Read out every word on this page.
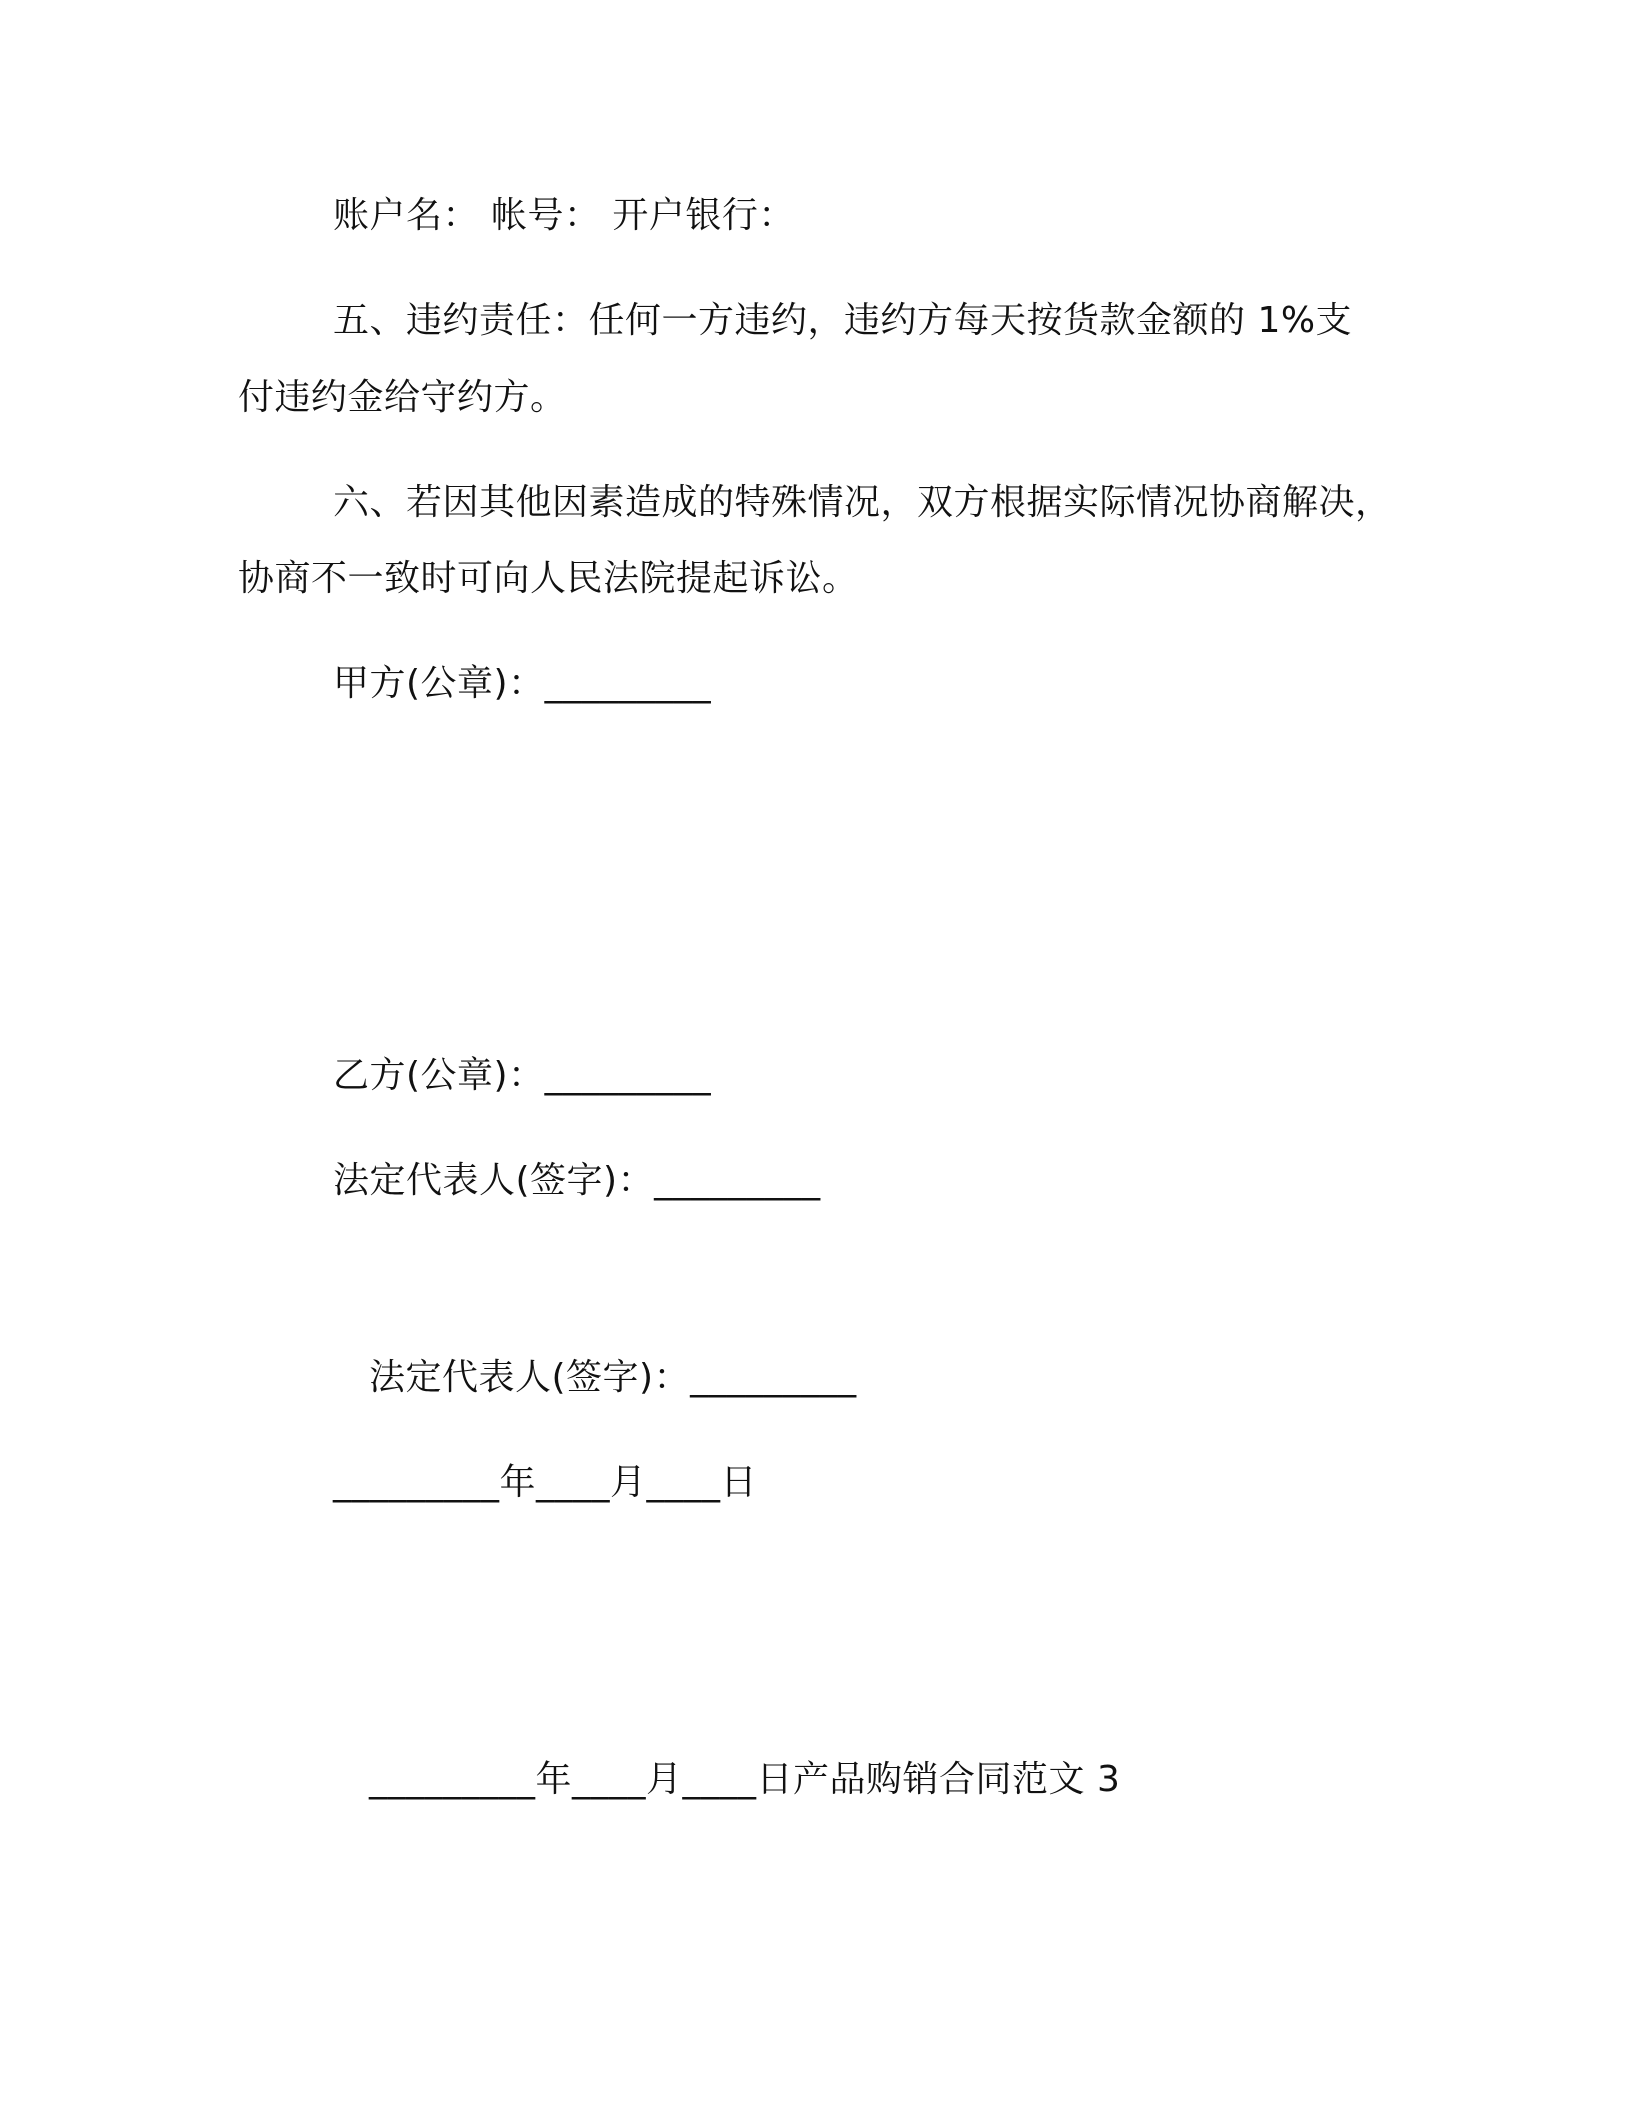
账户名： 帐号： 开户银行：
五、违约责任：任何一方违约，违约方每天按货款金额的 1%支
付违约金给守约方。
六、若因其他因素造成的特殊情况，双方根据实际情况协商解决，
协商不一致时可向人民法院提起诉讼。
甲方(公章)：_________
乙方(公章)：_________
法定代表人(签字)：_________
法定代表人(签字)：_________
_________年____月____日
_________年____月____日产品购销合同范文 3
